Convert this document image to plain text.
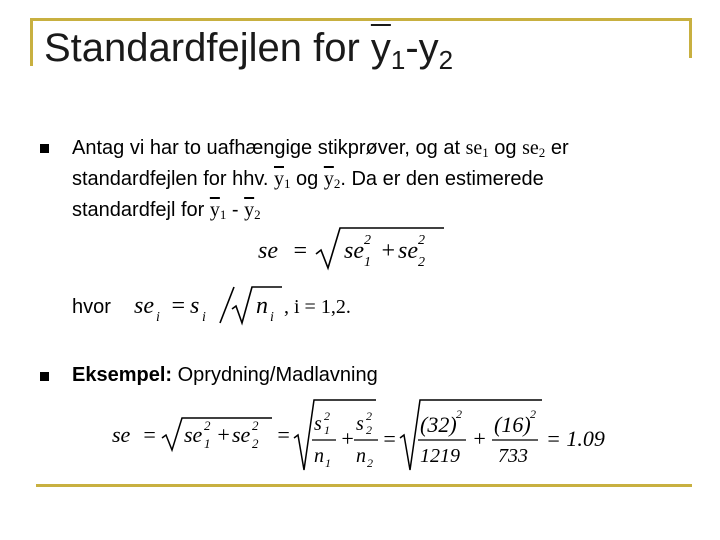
Standardfejlen for $\overline{y}_1-y_2$
Antag vi har to uafhængige stikprøver, og at $se_1$ og $se_2$ er
standardfejlen for hhv. $\overline{y}_1$ og $\overline{y}_2$. Da er den estimerede
standardfejl for $\overline{y}_1 - \overline{y}_2$
se = se 2
1 + se 2
2
hvor se i = s i n i , i = 1,2.
Eksempel: Oprydning/Madlavning
se = se 2
1 + se 2
2 = s 2
1
n 1
+
s 2
2
n 2
=
(32) 2
1219
+
(16) 2
733
= 1.09
